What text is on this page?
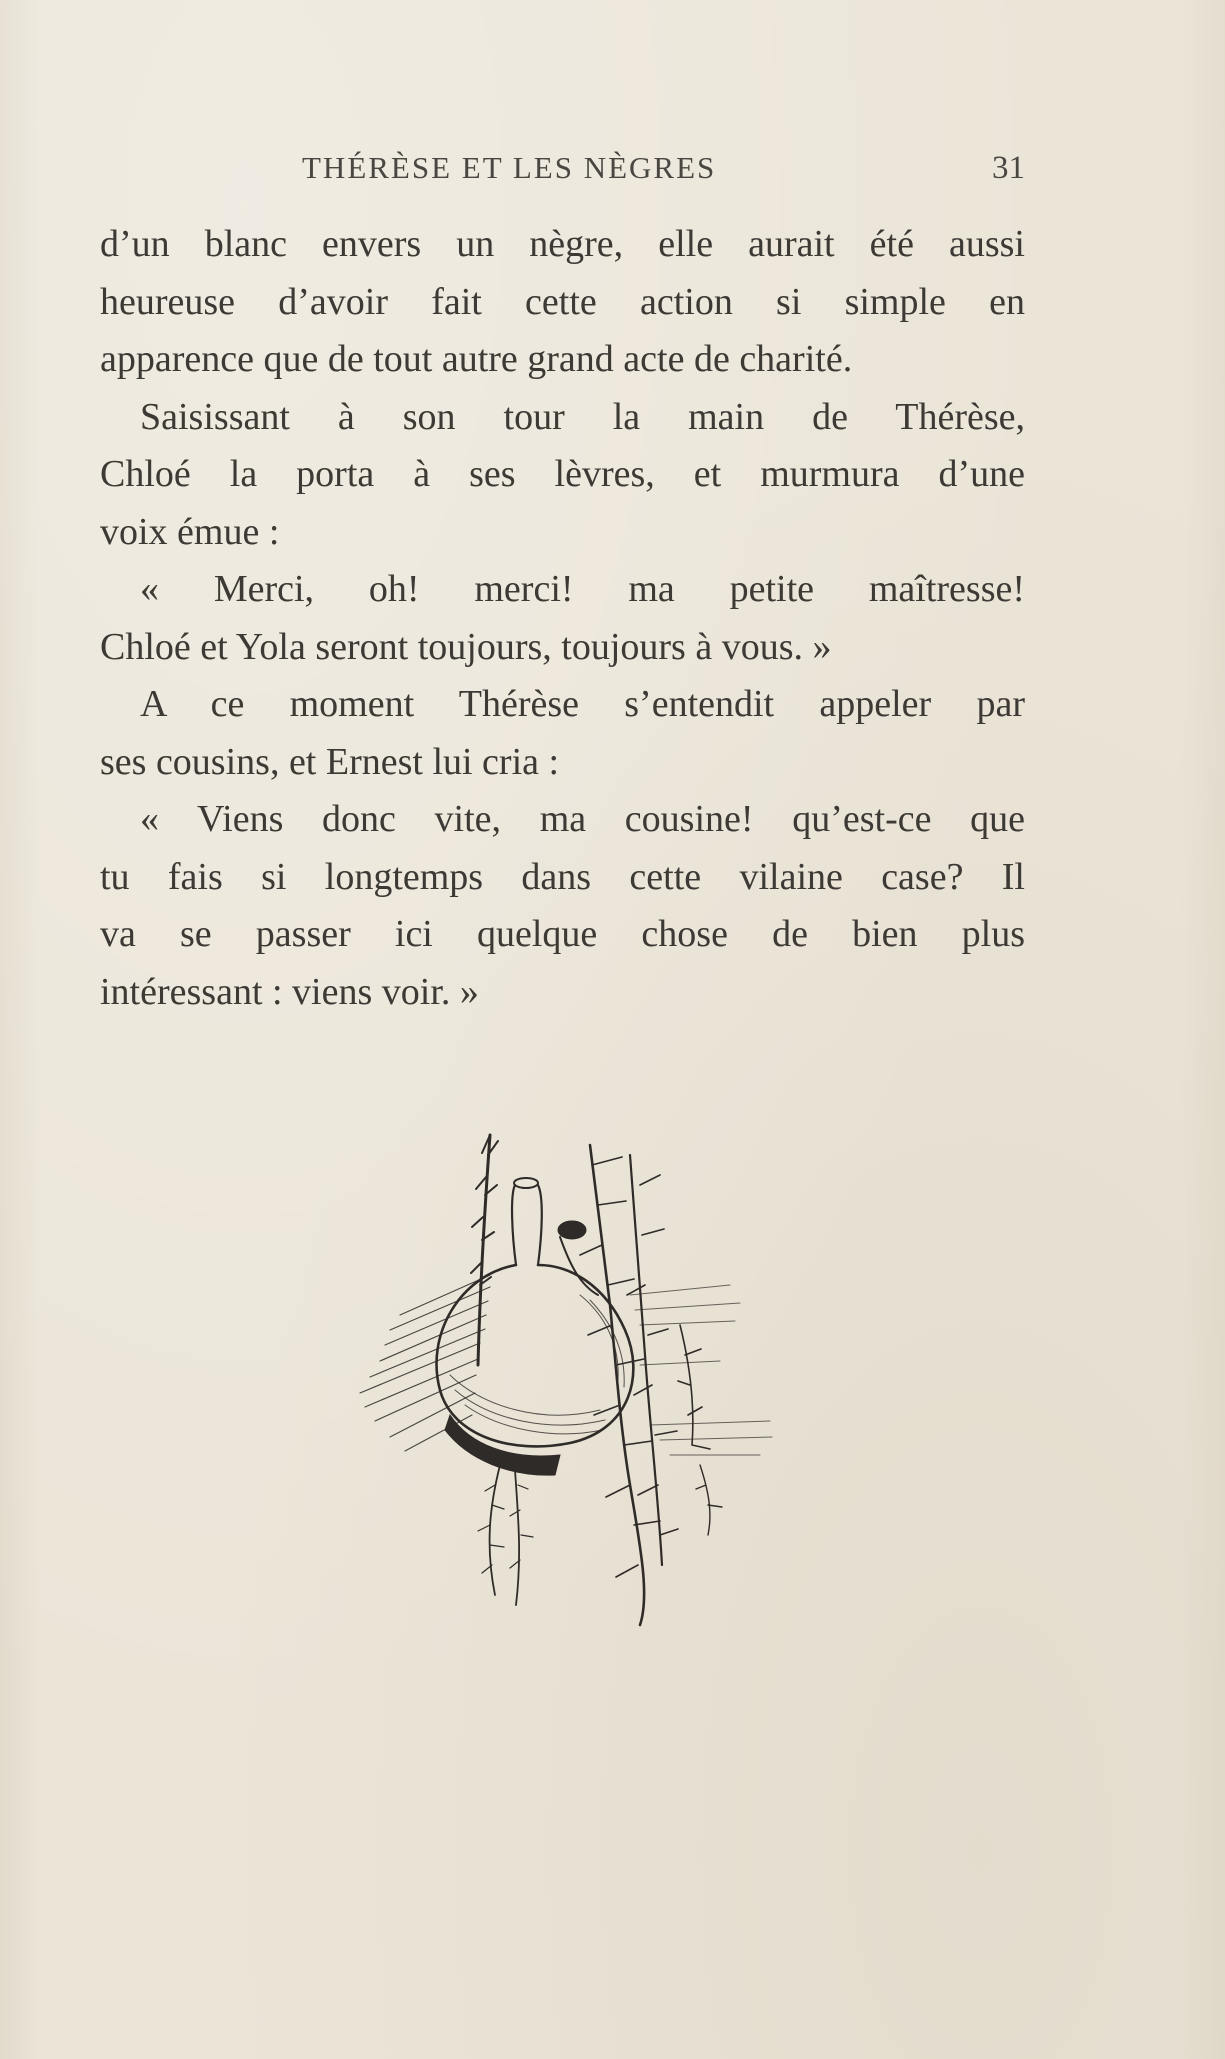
THÉRÈSE ET LES NÈGRES	31
d’un blanc envers un nègre, elle aurait été aussi
heureuse d’avoir fait cette action si simple en
apparence que de tout autre grand acte de charité.
Saisissant à son tour la main de Thérèse,
Chloé la porta à ses lèvres, et murmura d’une
voix émue :
« Merci, oh! merci! ma petite maîtresse!
Chloé et Yola seront toujours, toujours à vous. »
A ce moment Thérèse s’entendit appeler par
ses cousins, et Ernest lui cria :
« Viens donc vite, ma cousine! qu’est-ce que
tu fais si longtemps dans cette vilaine case? Il
va se passer ici quelque chose de bien plus
intéressant : viens voir. »
